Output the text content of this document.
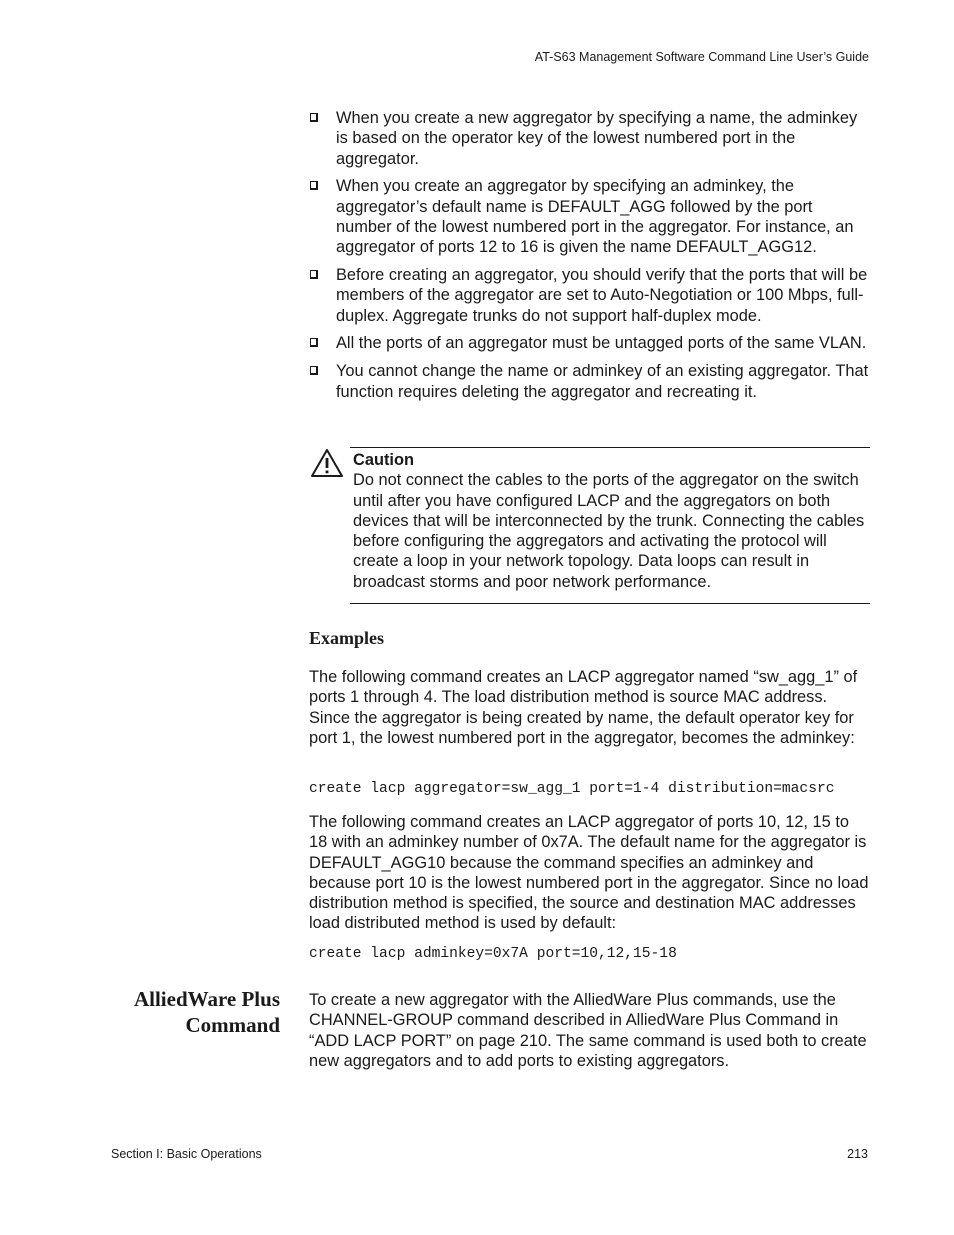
AT-S63 Management Software Command Line User’s Guide
When you create a new aggregator by specifying a name, the adminkey is based on the operator key of the lowest numbered port in the aggregator.
When you create an aggregator by specifying an adminkey, the aggregator’s default name is DEFAULT_AGG followed by the port number of the lowest numbered port in the aggregator. For instance, an aggregator of ports 12 to 16 is given the name DEFAULT_AGG12.
Before creating an aggregator, you should verify that the ports that will be members of the aggregator are set to Auto-Negotiation or 100 Mbps, full-duplex. Aggregate trunks do not support half-duplex mode.
All the ports of an aggregator must be untagged ports of the same VLAN.
You cannot change the name or adminkey of an existing aggregator. That function requires deleting the aggregator and recreating it.
Caution
Do not connect the cables to the ports of the aggregator on the switch until after you have configured LACP and the aggregators on both devices that will be interconnected by the trunk. Connecting the cables before configuring the aggregators and activating the protocol will create a loop in your network topology. Data loops can result in broadcast storms and poor network performance.
Examples

The following command creates an LACP aggregator named “sw_agg_1” of ports 1 through 4. The load distribution method is source MAC address. Since the aggregator is being created by name, the default operator key for port 1, the lowest numbered port in the aggregator, becomes the adminkey:

create lacp aggregator=sw_agg_1 port=1-4 distribution=macsrc

The following command creates an LACP aggregator of ports 10, 12, 15 to 18 with an adminkey number of 0x7A. The default name for the aggregator is DEFAULT_AGG10 because the command specifies an adminkey and because port 10 is the lowest numbered port in the aggregator. Since no load distribution method is specified, the source and destination MAC addresses load distributed method is used by default:

create lacp adminkey=0x7A port=10,12,15-18

AlliedWare Plus
Command

To create a new aggregator with the AlliedWare Plus commands, use the CHANNEL-GROUP command described in AlliedWare Plus Command in “ADD LACP PORT” on page 210. The same command is used both to create new aggregators and to add ports to existing aggregators.

Section I: Basic Operations	213
